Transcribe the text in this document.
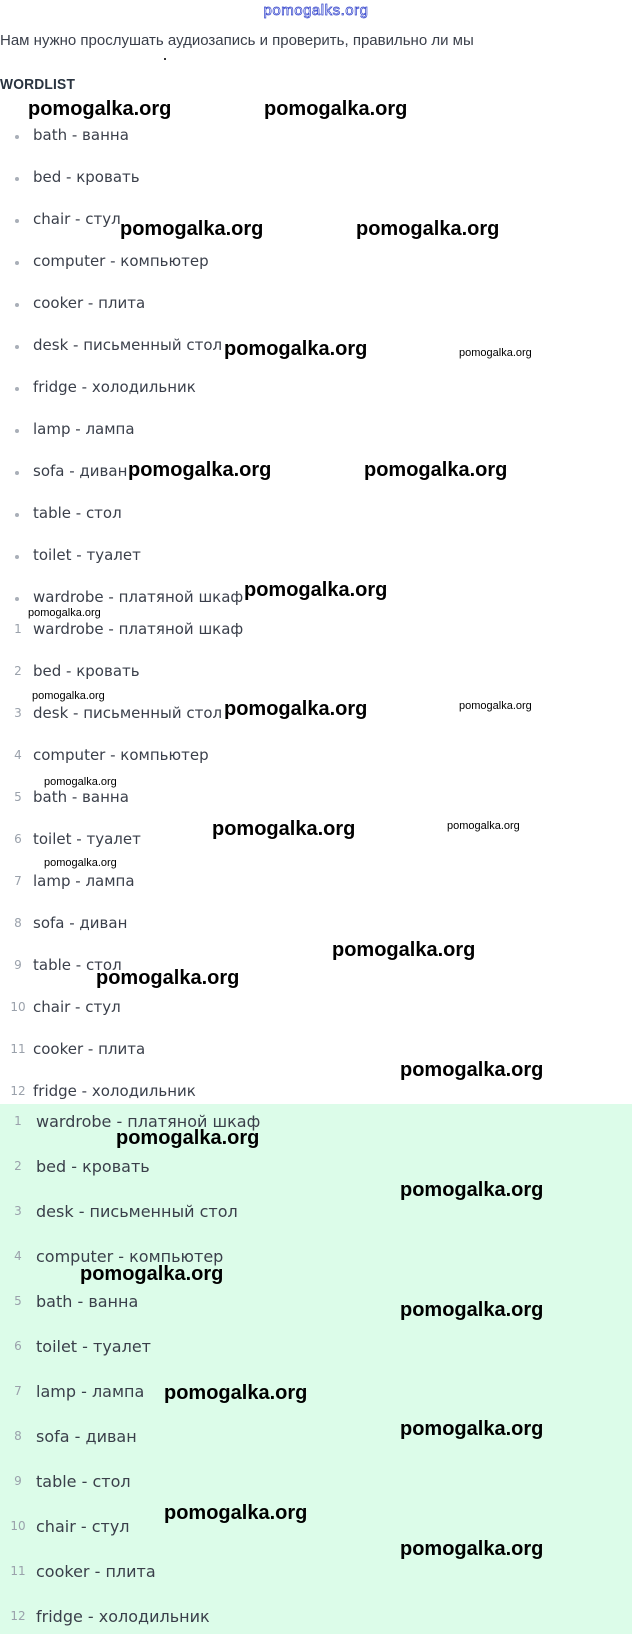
pomogalks.org
Нам нужно прослушать аудиозапись и проверить, правильно ли мы
WORDLIST
bath - ванна
bed - кровать
chair - стул
computer - компьютер
cooker - плита
desk - письменный стол
fridge - холодильник
lamp - лампа
sofa - диван
table - стол
toilet - туалет
wardrobe - платяной шкаф
1 wardrobe - платяной шкаф
2 bed - кровать
3 desk - письменный стол
4 computer - компьютер
5 bath - ванна
6 toilet - туалет
7 lamp - лампа
8 sofa - диван
9 table - стол
10 chair - стул
11 cooker - плита
12 fridge - холодильник
1 wardrobe - платяной шкаф
2 bed - кровать
3 desk - письменный стол
4 computer - компьютер
5 bath - ванна
6 toilet - туалет
7 lamp - лампа
8 sofa - диван
9 table - стол
10 chair - стул
11 cooker - плита
12 fridge - холодильник
pomogalka.org	pomogalka.org
pomogalka.org	pomogalka.org
pomogalka.org	pomogalka.org
pomogalka.org	pomogalka.org
pomogalka.org
pomogalka.org
pomogalka.org
pomogalka.org	pomogalka.org
pomogalka.org
pomogalka.org	pomogalka.org
pomogalka.org
pomogalka.org
pomogalka.org
pomogalka.org
pomogalka.org
pomogalka.org
pomogalka.org
pomogalka.org
pomogalka.org
pomogalka.org
pomogalka.org
pomogalka.org
